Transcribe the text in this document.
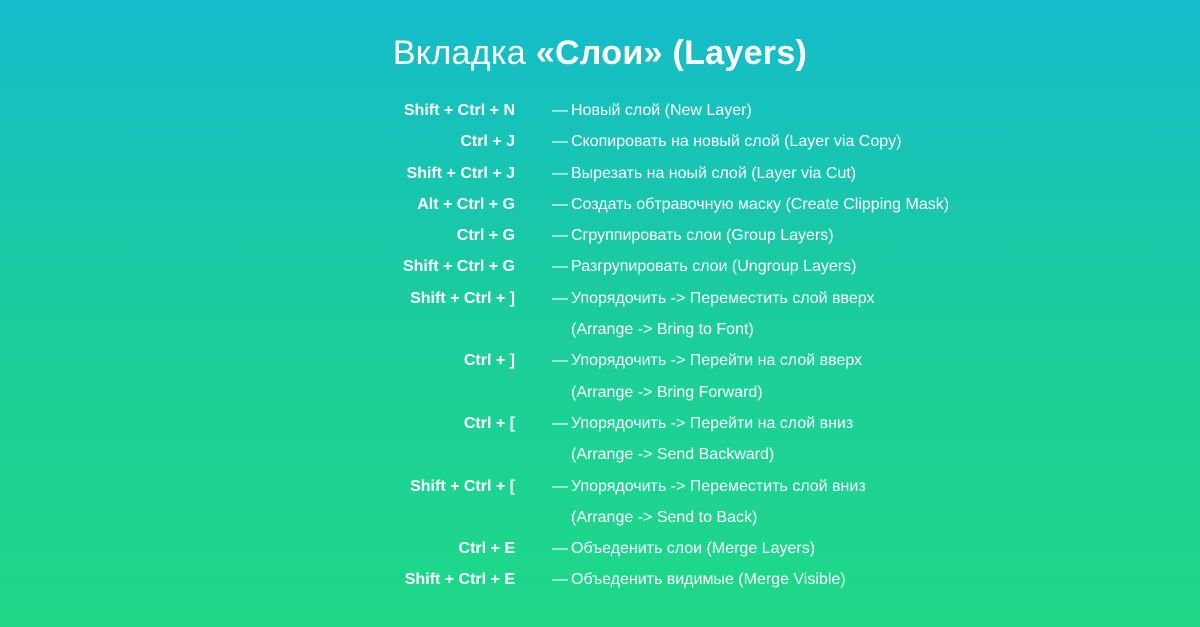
Вкладка «Слои» (Layers)
Shift + Ctrl + N — Новый слой (New Layer)
Ctrl + J — Скопировать на новый слой (Layer via Copy)
Shift + Ctrl + J — Вырезать на ноый слой (Layer via Cut)
Alt + Ctrl + G — Создать обтравочную маску (Create Clipping Mask)
Ctrl + G — Сгруппировать слои (Group Layers)
Shift + Ctrl + G — Разгрупировать слои (Ungroup Layers)
Shift + Ctrl + ] — Упорядочить -> Переместить слой вверх
(Arrange -> Bring to Font)
Ctrl + ] — Упорядочить -> Перейти на слой вверх
(Arrange -> Bring Forward)
Ctrl + [ — Упорядочить -> Перейти на слой вниз
(Arrange -> Send Backward)
Shift + Ctrl + [ — Упорядочить -> Переместить слой вниз
(Arrange -> Send to Back)
Ctrl + E — Объеденить слои (Merge Layers)
Shift + Ctrl + E — Объеденить видимые (Merge Visible)
